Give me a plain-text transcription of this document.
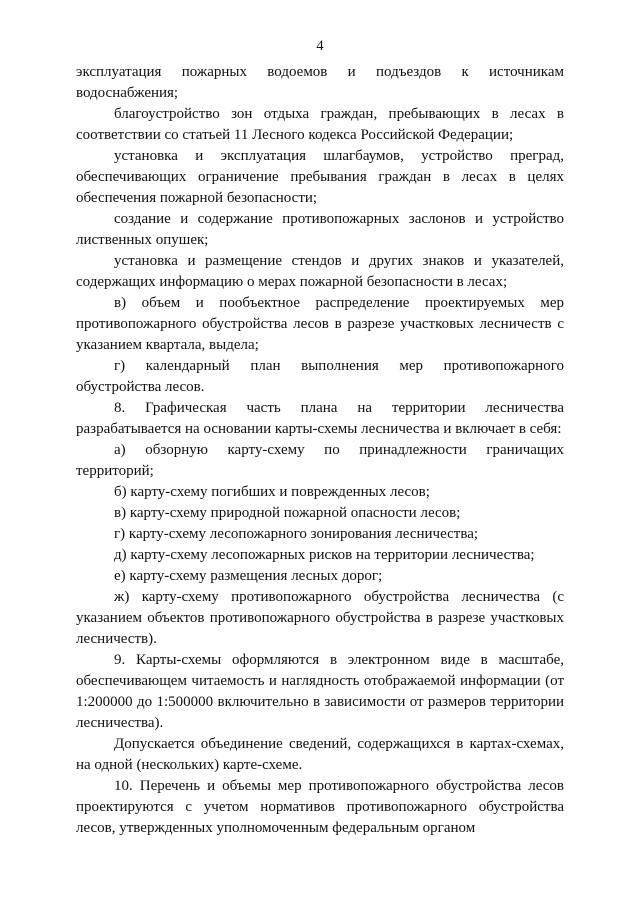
4

эксплуатация пожарных водоемов и подъездов к источникам водоснабжения;

благоустройство зон отдыха граждан, пребывающих в лесах в соответствии со статьей 11 Лесного кодекса Российской Федерации;

установка и эксплуатация шлагбаумов, устройство преград, обеспечивающих ограничение пребывания граждан в лесах в целях обеспечения пожарной безопасности;

создание и содержание противопожарных заслонов и устройство лиственных опушек;

установка и размещение стендов и других знаков и указателей, содержащих информацию о мерах пожарной безопасности в лесах;

в) объем и пообъектное распределение проектируемых мер противопожарного обустройства лесов в разрезе участковых лесничеств с указанием квартала, выдела;

г) календарный план выполнения мер противопожарного обустройства лесов.

8. Графическая часть плана на территории лесничества разрабатывается на основании карты-схемы лесничества и включает в себя:

а) обзорную карту-схему по принадлежности граничащих территорий;

б) карту-схему погибших и поврежденных лесов;

в) карту-схему природной пожарной опасности лесов;

г) карту-схему лесопожарного зонирования лесничества;

д) карту-схему лесопожарных рисков на территории лесничества;

е) карту-схему размещения лесных дорог;

ж) карту-схему противопожарного обустройства лесничества (с указанием объектов противопожарного обустройства в разрезе участковых лесничеств).

9. Карты-схемы оформляются в электронном виде в масштабе, обеспечивающем читаемость и наглядность отображаемой информации (от 1:200000 до 1:500000 включительно в зависимости от размеров территории лесничества).

Допускается объединение сведений, содержащихся в картах-схемах, на одной (нескольких) карте-схеме.

10. Перечень и объемы мер противопожарного обустройства лесов проектируются с учетом нормативов противопожарного обустройства лесов, утвержденных уполномоченным федеральным органом
